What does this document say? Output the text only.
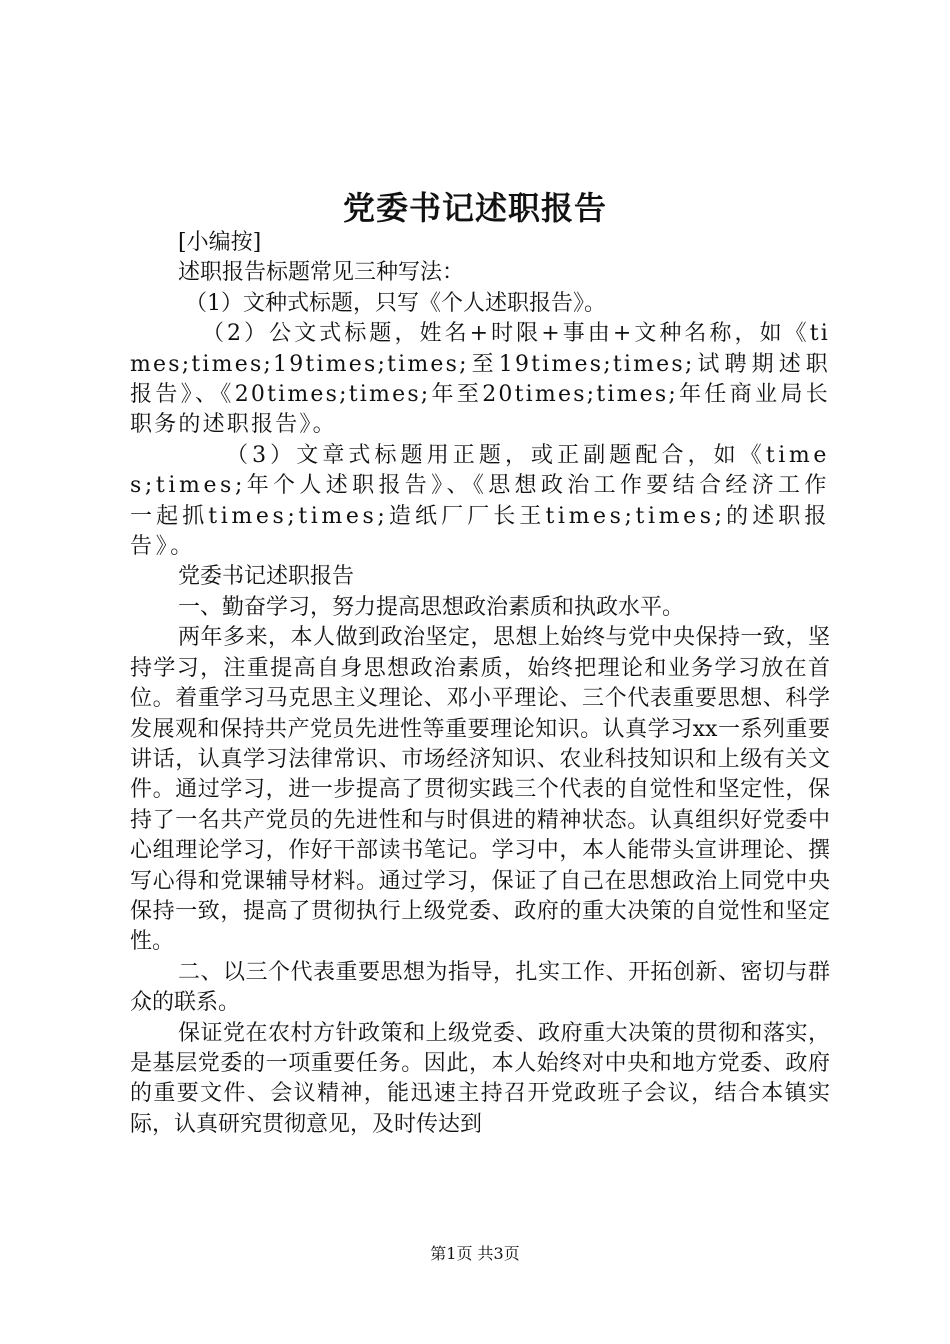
党委书记述职报告

[小编按]

述职报告标题常见三种写法：

（1）文种式标题，只写《个人述职报告》。

（2）公文式标题，姓名+时限+事由+文种名称，如《times;times;19times;times;至19times;times;试聘期述职报告》、《20times;times;年至20times;times;年任商业局长职务的述职报告》。

（3）文章式标题用正题，或正副题配合，如《times;times;年个人述职报告》、《思想政治工作要结合经济工作一起抓times;times;造纸厂厂长王times;times;的述职报告》。

党委书记述职报告

一、勤奋学习，努力提高思想政治素质和执政水平。

两年多来，本人做到政治坚定，思想上始终与党中央保持一致，坚持学习，注重提高自身思想政治素质，始终把理论和业务学习放在首位。着重学习马克思主义理论、邓小平理论、三个代表重要思想、科学发展观和保持共产党员先进性等重要理论知识。认真学习xx一系列重要讲话，认真学习法律常识、市场经济知识、农业科技知识和上级有关文件。通过学习，进一步提高了贯彻实践三个代表的自觉性和坚定性，保持了一名共产党员的先进性和与时俱进的精神状态。认真组织好党委中心组理论学习，作好干部读书笔记。学习中，本人能带头宣讲理论、撰写心得和党课辅导材料。通过学习，保证了自己在思想政治上同党中央保持一致，提高了贯彻执行上级党委、政府的重大决策的自觉性和坚定性。

二、以三个代表重要思想为指导，扎实工作、开拓创新、密切与群众的联系。

保证党在农村方针政策和上级党委、政府重大决策的贯彻和落实，是基层党委的一项重要任务。因此，本人始终对中央和地方党委、政府的重要文件、会议精神，能迅速主持召开党政班子会议，结合本镇实际，认真研究贯彻意见，及时传达到

第1页 共3页
